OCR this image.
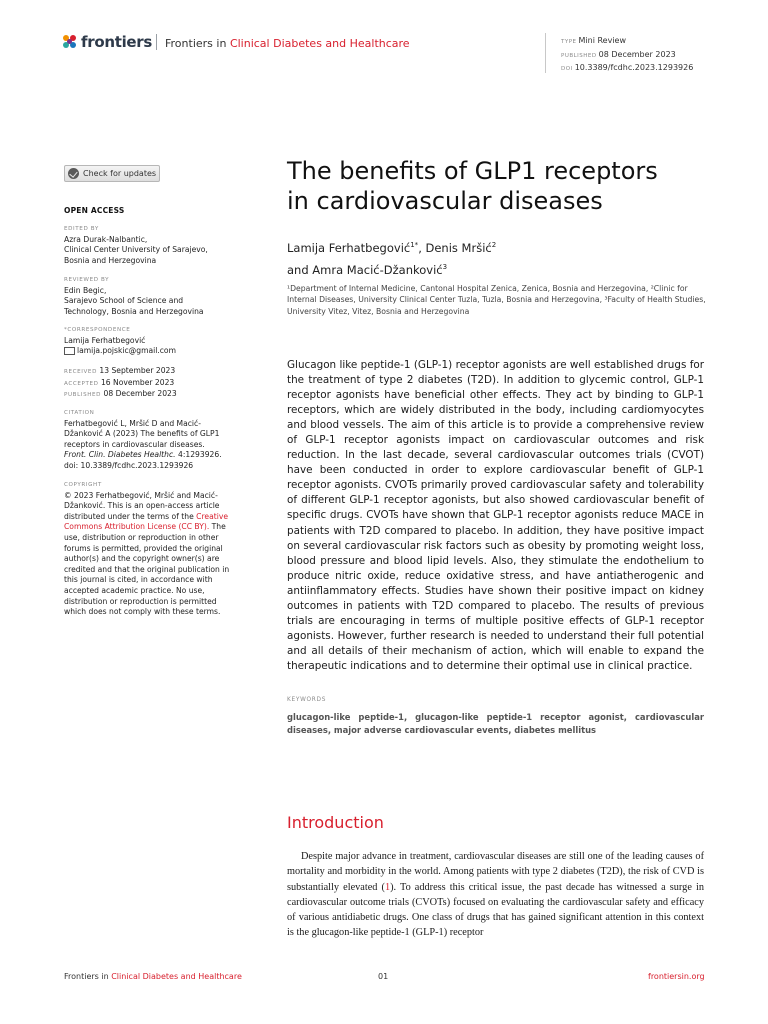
frontiers Frontiers in Clinical Diabetes and Healthcare	TYPE Mini Review
PUBLISHED 08 December 2023
DOI 10.3389/fcdhc.2023.1293926
Check for updates
OPEN ACCESS
EDITED BY
Azra Durak-Nalbantic,
Clinical Center University of Sarajevo,
Bosnia and Herzegovina
REVIEWED BY
Edin Begic,
Sarajevo School of Science and
Technology, Bosnia and Herzegovina
*CORRESPONDENCE
Lamija Ferhatbegović
lamija.pojskic@gmail.com
RECEIVED 13 September 2023
ACCEPTED 16 November 2023
PUBLISHED 08 December 2023
CITATION
Ferhatbegović L, Mršić D and Macić-
Džanković A (2023) The benefits of GLP1
receptors in cardiovascular diseases.
Front. Clin. Diabetes Healthc. 4:1293926.
doi: 10.3389/fcdhc.2023.1293926
COPYRIGHT
© 2023 Ferhatbegović, Mršić and Macić-
Džanković. This is an open-access article
distributed under the terms of the Creative
Commons Attribution License (CC BY). The
use, distribution or reproduction in other
forums is permitted, provided the original
author(s) and the copyright owner(s) are
credited and that the original publication in
this journal is cited, in accordance with
accepted academic practice. No use,
distribution or reproduction is permitted
which does not comply with these terms.
The benefits of GLP1 receptors
in cardiovascular diseases
Lamija Ferhatbegović$^{1*}$, Denis Mršić$^2$
and Amra Macić-Džanković$^3$
¹Department of Internal Medicine, Cantonal Hospital Zenica, Zenica, Bosnia and Herzegovina, ²Clinic for Internal Diseases, University Clinical Center Tuzla, Tuzla, Bosnia and Herzegovina, ³Faculty of Health Studies, University Vitez, Vitez, Bosnia and Herzegovina
Glucagon like peptide-1 (GLP-1) receptor agonists are well established drugs for the treatment of type 2 diabetes (T2D). In addition to glycemic control, GLP-1 receptor agonists have beneficial other effects. They act by binding to GLP-1 receptors, which are widely distributed in the body, including cardiomyocytes and blood vessels. The aim of this article is to provide a comprehensive review of GLP-1 receptor agonists impact on cardiovascular outcomes and risk reduction. In the last decade, several cardiovascular outcomes trials (CVOT) have been conducted in order to explore cardiovascular benefit of GLP-1 receptor agonists. CVOTs primarily proved cardiovascular safety and tolerability of different GLP-1 receptor agonists, but also showed cardiovascular benefit of specific drugs. CVOTs have shown that GLP-1 receptor agonists reduce MACE in patients with T2D compared to placebo. In addition, they have positive impact on several cardiovascular risk factors such as obesity by promoting weight loss, blood pressure and blood lipid levels. Also, they stimulate the endothelium to produce nitric oxide, reduce oxidative stress, and have antiatherogenic and antiinflammatory effects. Studies have shown their positive impact on kidney outcomes in patients with T2D compared to placebo. The results of previous trials are encouraging in terms of multiple positive effects of GLP-1 receptor agonists. However, further research is needed to understand their full potential and all details of their mechanism of action, which will enable to expand the therapeutic indications and to determine their optimal use in clinical practice.
KEYWORDS
glucagon-like peptide-1, glucagon-like peptide-1 receptor agonist, cardiovascular diseases, major adverse cardiovascular events, diabetes mellitus
Introduction
Despite major advance in treatment, cardiovascular diseases are still one of the leading causes of mortality and morbidity in the world. Among patients with type 2 diabetes (T2D), the risk of CVD is substantially elevated (1). To address this critical issue, the past decade has witnessed a surge in cardiovascular outcome trials (CVOTs) focused on evaluating the cardiovascular safety and efficacy of various antidiabetic drugs. One class of drugs that has gained significant attention in this context is the glucagon-like peptide-1 (GLP-1) receptor
Frontiers in Clinical Diabetes and Healthcare	01	frontiersin.org
